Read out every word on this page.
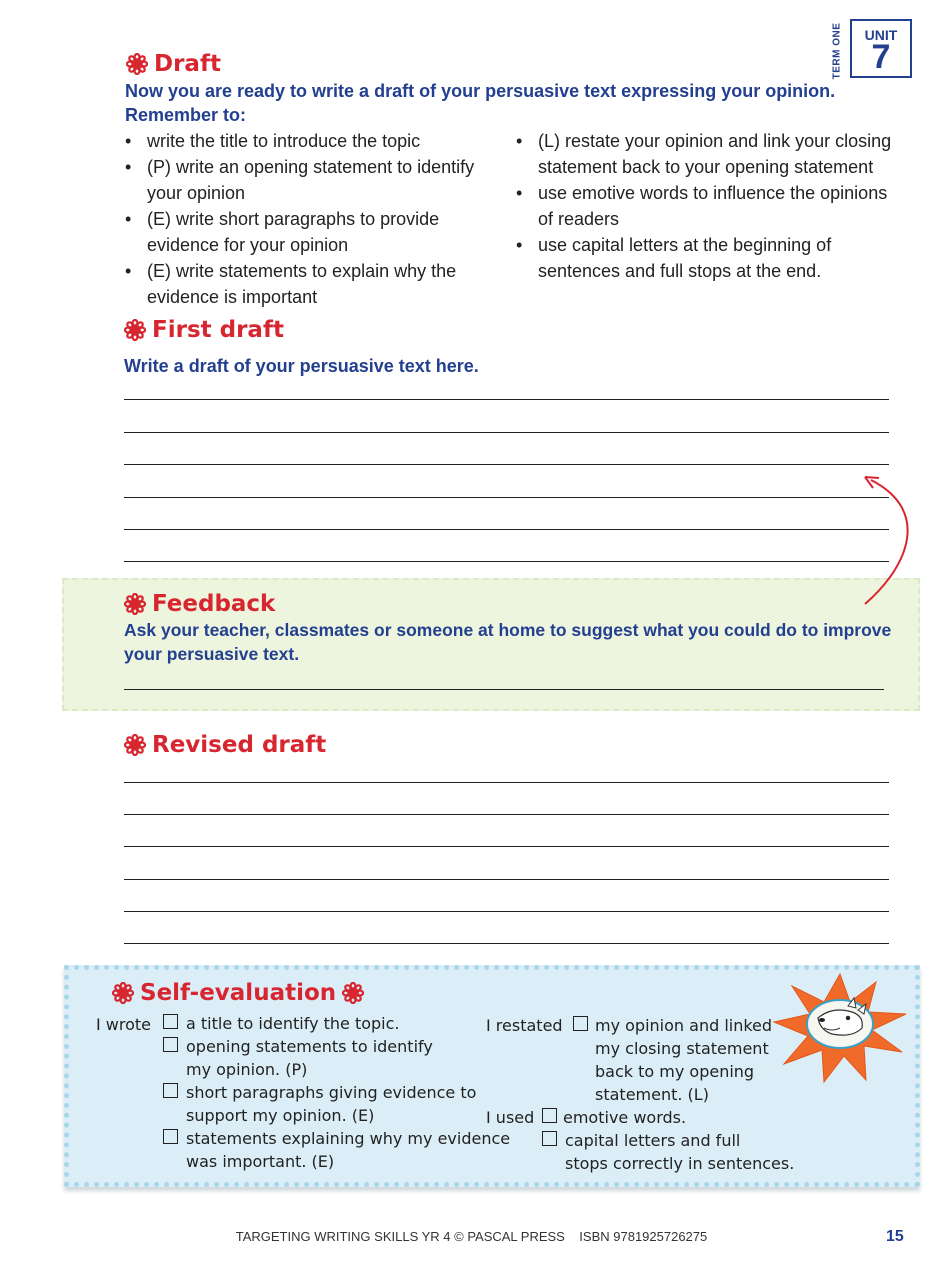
TERM ONE	UNIT
7
Draft
Now you are ready to write a draft of your persuasive text expressing your opinion.
Remember to:
• write the title to introduce the topic
• (P) write an opening statement to identify your opinion
• (E) write short paragraphs to provide evidence for your opinion
• (E) write statements to explain why the evidence is important
• (L) restate your opinion and link your closing statement back to your opening statement
• use emotive words to influence the opinions of readers
• use capital letters at the beginning of sentences and full stops at the end.
First draft
Write a draft of your persuasive text here.
Feedback
Ask your teacher, classmates or someone at home to suggest what you could do to improve
your persuasive text.
Revised draft
Self-evaluation
I wrote a title to identify the topic.
opening statements to identify
my opinion. (P)
short paragraphs giving evidence to
support my opinion. (E)
statements explaining why my evidence
was important. (E)
I restated my opinion and linked
my closing statement
back to my opening
statement. (L)
I used emotive words.
capital letters and full
stops correctly in sentences.
TARGETING WRITING SKILLS YR 4 © PASCAL PRESS    ISBN 9781925726275	15
